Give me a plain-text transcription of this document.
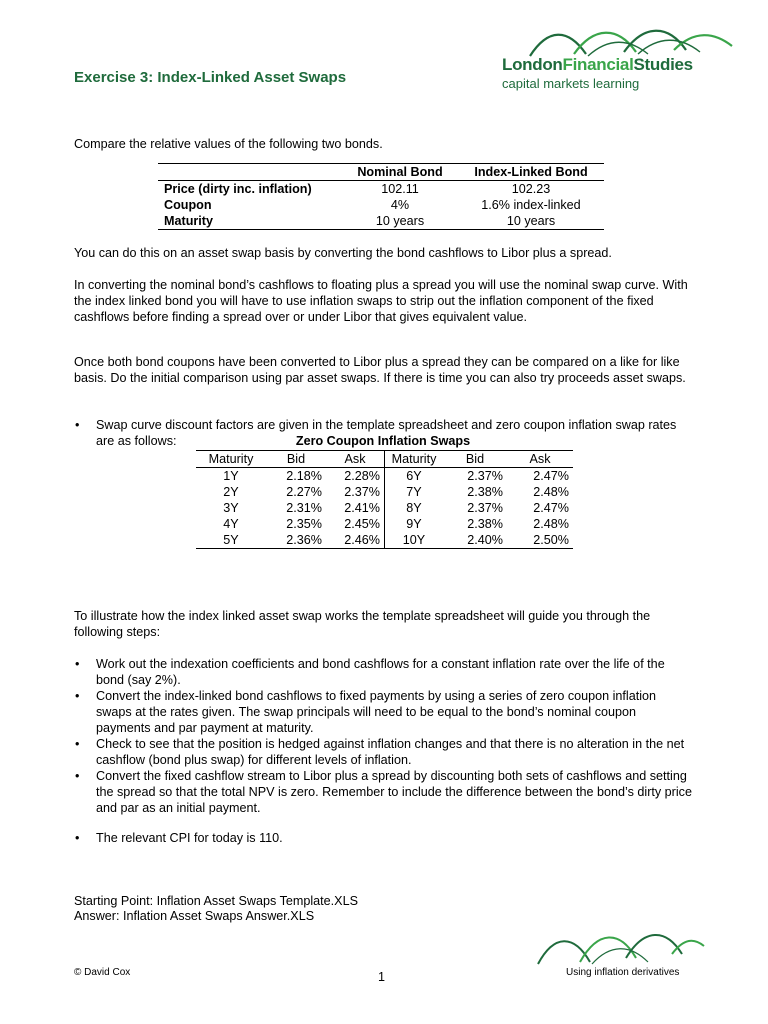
Exercise 3: Index-Linked Asset Swaps
LondonFinancialStudies
capital markets learning

Compare the relative values of the following two bonds.

	Nominal Bond	Index-Linked Bond
Price (dirty inc. inflation)	102.11	102.23
Coupon	4%	1.6% index-linked
Maturity	10 years	10 years

You can do this on an asset swap basis by converting the bond cashflows to Libor plus a spread.

In converting the nominal bond’s cashflows to floating plus a spread you will use the nominal swap curve. With the index linked bond you will have to use inflation swaps to strip out the inflation component of the fixed cashflows before finding a spread over or under Libor that gives equivalent value.

Once both bond coupons have been converted to Libor plus a spread they can be compared on a like for like basis. Do the initial comparison using par asset swaps. If there is time you can also try proceeds asset swaps.

• Swap curve discount factors are given in the template spreadsheet and zero coupon inflation swap rates are as follows:	Zero Coupon Inflation Swaps
Maturity	Bid	Ask	Maturity	Bid	Ask
1Y	2.18%	2.28%	6Y	2.37%	2.47%
2Y	2.27%	2.37%	7Y	2.38%	2.48%
3Y	2.31%	2.41%	8Y	2.37%	2.47%
4Y	2.35%	2.45%	9Y	2.38%	2.48%
5Y	2.36%	2.46%	10Y	2.40%	2.50%

To illustrate how the index linked asset swap works the template spreadsheet will guide you through the following steps:

• Work out the indexation coefficients and bond cashflows for a constant inflation rate over the life of the bond (say 2%).
• Convert the index-linked bond cashflows to fixed payments by using a series of zero coupon inflation swaps at the rates given. The swap principals will need to be equal to the bond’s nominal coupon payments and par payment at maturity.
• Check to see that the position is hedged against inflation changes and that there is no alteration in the net cashflow (bond plus swap) for different levels of inflation.
• Convert the fixed cashflow stream to Libor plus a spread by discounting both sets of cashflows and setting the spread so that the total NPV is zero. Remember to include the difference between the bond’s dirty price and par as an initial payment.
• The relevant CPI for today is 110.

Starting Point: Inflation Asset Swaps Template.XLS

Answer: Inflation Asset Swaps Answer.XLS

© David Cox	1	Using inflation derivatives
